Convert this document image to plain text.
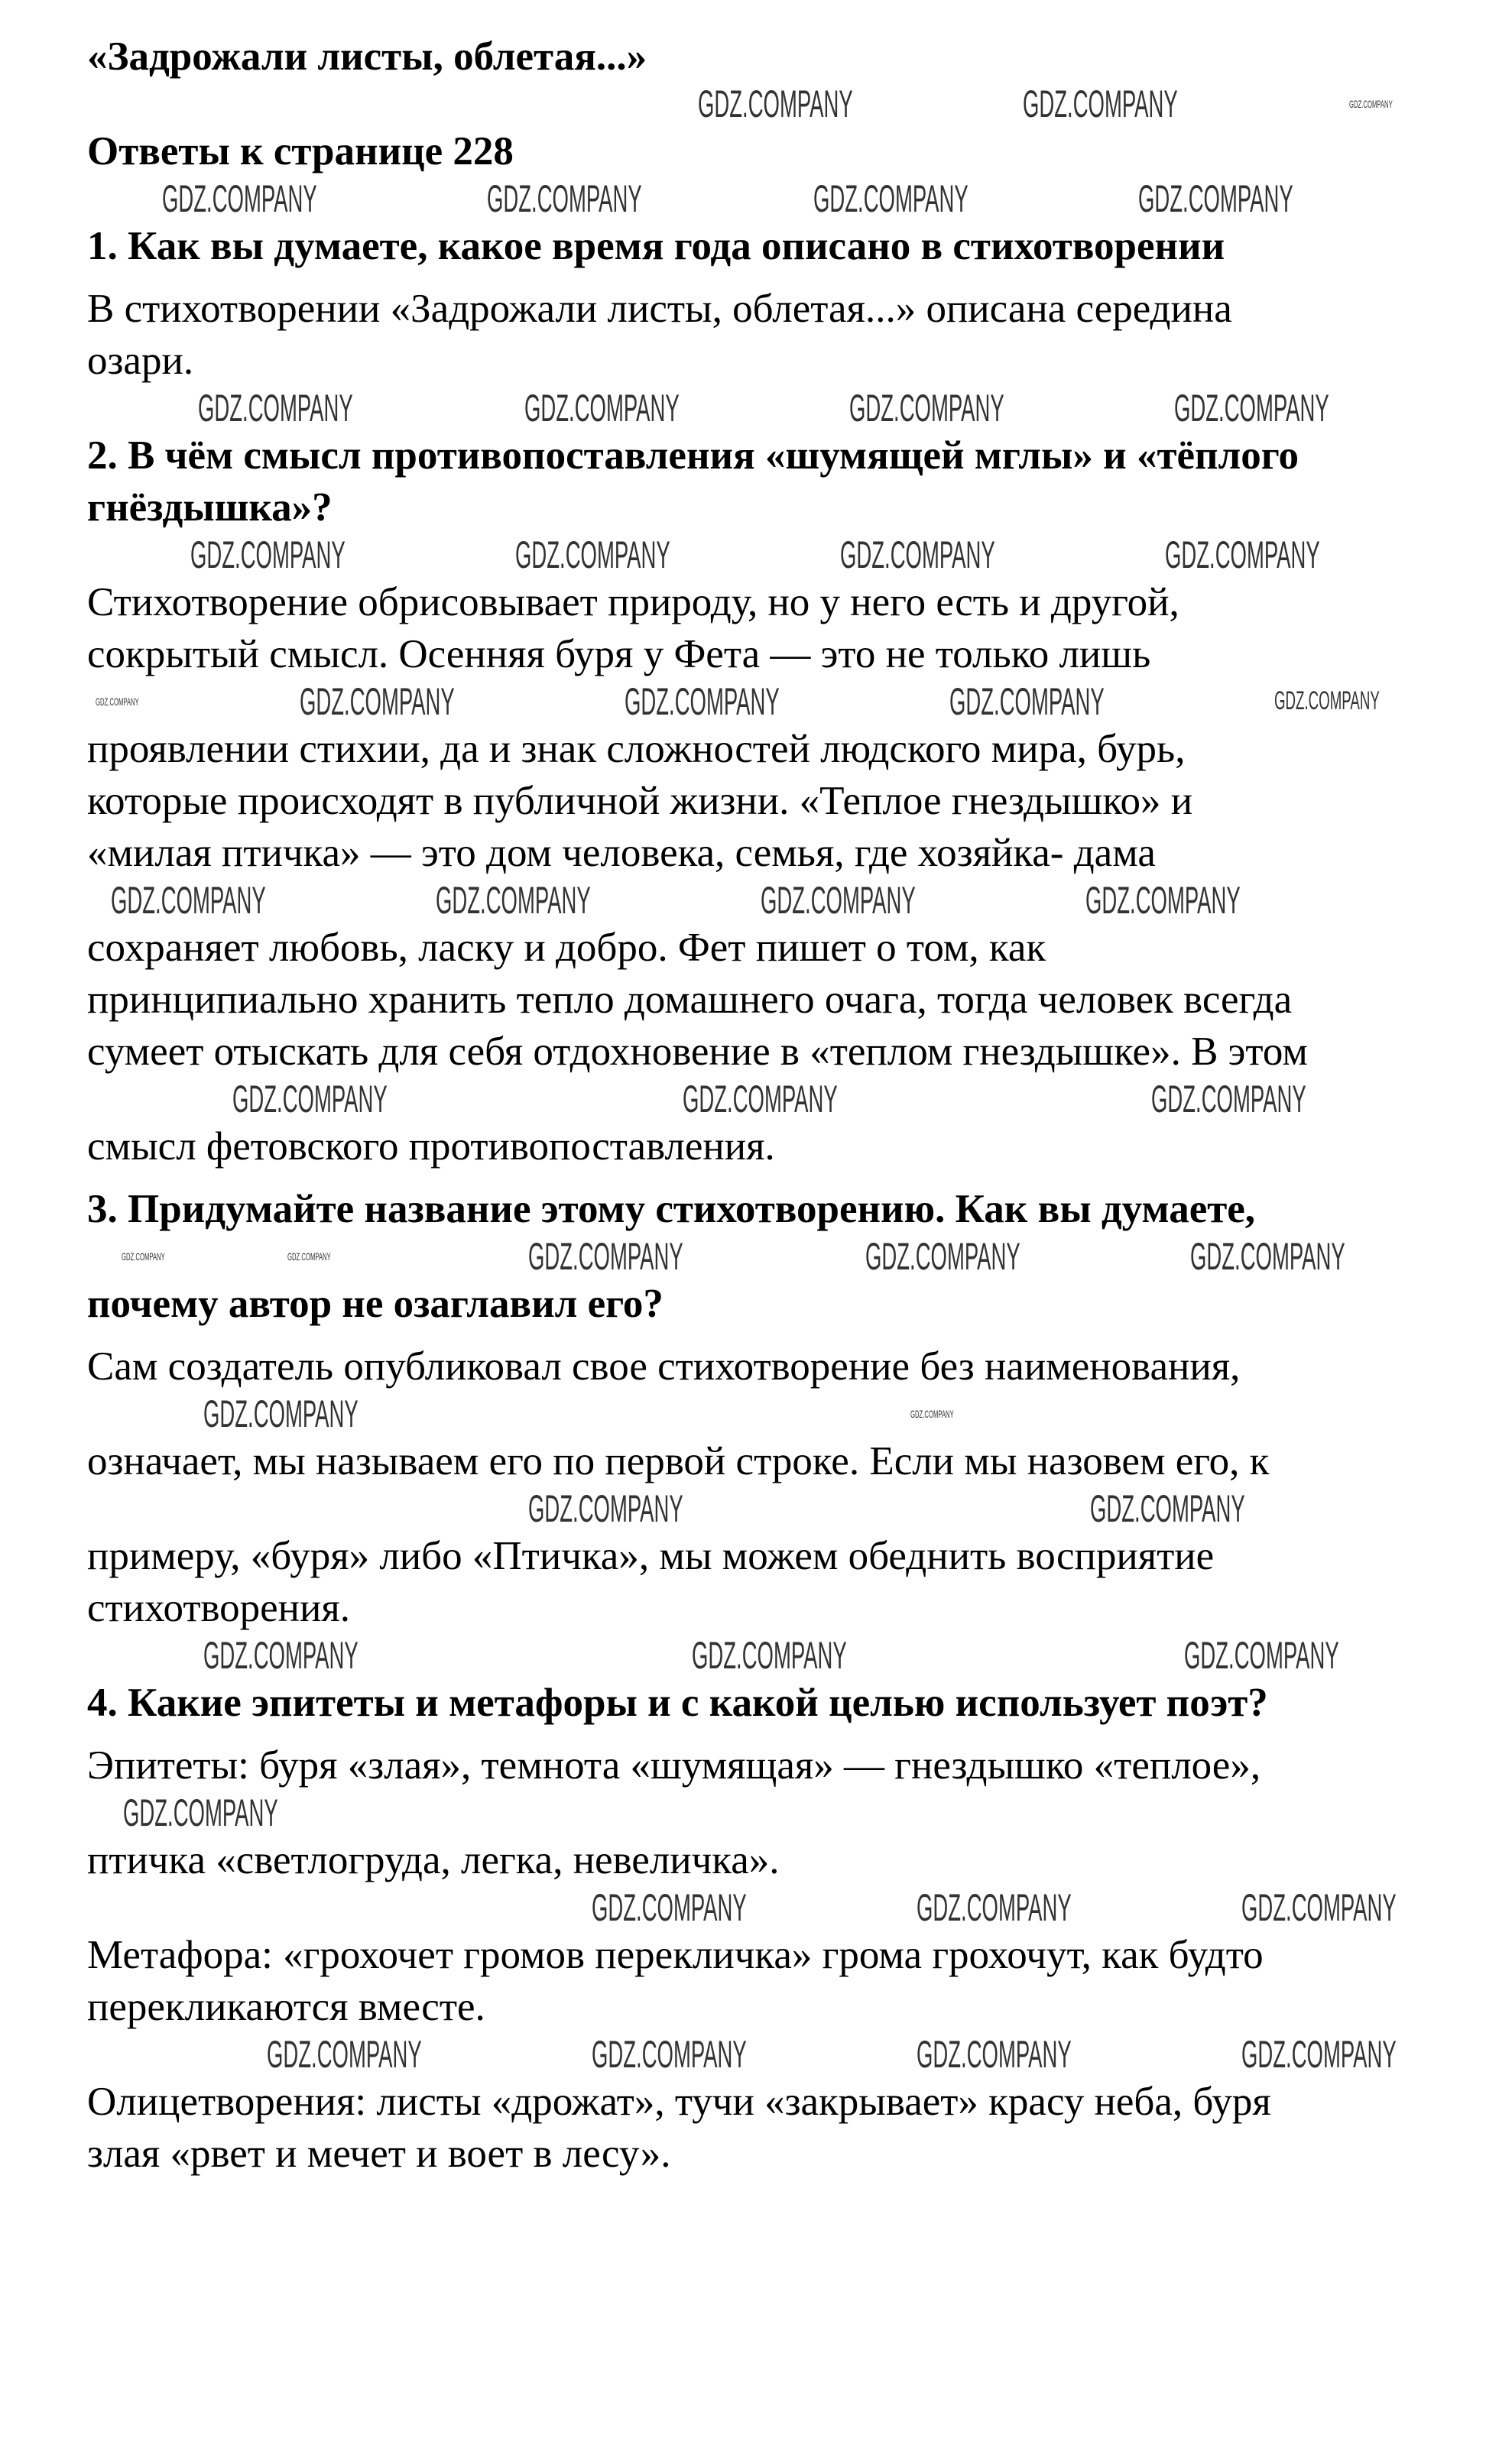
«Задрожали листы, облетая...»
GDZ.COMPANY	GDZ.COMPANY	GDZ.COMPANY
Ответы к странице 228
GDZ.COMPANY	GDZ.COMPANY	GDZ.COMPANY	GDZ.COMPANY
1. Как вы думаете, какое время года описано в стихотворении
В стихотворении «Задрожали листы, облетая...» описана середина
озари.
GDZ.COMPANY	GDZ.COMPANY	GDZ.COMPANY	GDZ.COMPANY
2. В чём смысл противопоставления «шумящей мглы» и «тёплого
гнёздышка»?
GDZ.COMPANY	GDZ.COMPANY	GDZ.COMPANY	GDZ.COMPANY
Стихотворение обрисовывает природу, но у него есть и другой,
сокрытый смысл. Осенняя буря у Фета — это не только лишь
GDZ.COMPANY	GDZ.COMPANY	GDZ.COMPANY	GDZ.COMPANY	GDZ.COMPANY
проявлении стихии, да и знак сложностей людского мира, бурь,
которые происходят в публичной жизни. «Теплое гнездышко» и
«милая птичка» — это дом человека, семья, где хозяйка- дама
GDZ.COMPANY	GDZ.COMPANY	GDZ.COMPANY	GDZ.COMPANY
сохраняет любовь, ласку и добро. Фет пишет о том, как
принципиально хранить тепло домашнего очага, тогда человек всегда
сумеет отыскать для себя отдохновение в «теплом гнездышке». В этом
GDZ.COMPANY	GDZ.COMPANY	GDZ.COMPANY
смысл фетовского противопоставления.
3. Придумайте название этому стихотворению. Как вы думаете,
GDZ.COMPANY	GDZ.COMPANY	GDZ.COMPANY	GDZ.COMPANY	GDZ.COMPANY
почему автор не озаглавил его?
Сам создатель опубликовал свое стихотворение без наименования,
GDZ.COMPANY	GDZ.COMPANY
означает, мы называем его по первой строке. Если мы назовем его, к
GDZ.COMPANY	GDZ.COMPANY
примеру, «буря» либо «Птичка», мы можем обеднить восприятие
стихотворения.
GDZ.COMPANY	GDZ.COMPANY	GDZ.COMPANY
4. Какие эпитеты и метафоры и с какой целью использует поэт?
Эпитеты: буря «злая», темнота «шумящая» — гнездышко «теплое»,
GDZ.COMPANY
птичка «светлогруда, легка, невеличка».
GDZ.COMPANY	GDZ.COMPANY	GDZ.COMPANY
Метафора: «грохочет громов перекличка» грома грохочут, как будто
перекликаются вместе.
GDZ.COMPANY	GDZ.COMPANY	GDZ.COMPANY	GDZ.COMPANY
Олицетворения: листы «дрожат», тучи «закрывает» красу неба, буря
злая «рвет и мечет и воет в лесу».
